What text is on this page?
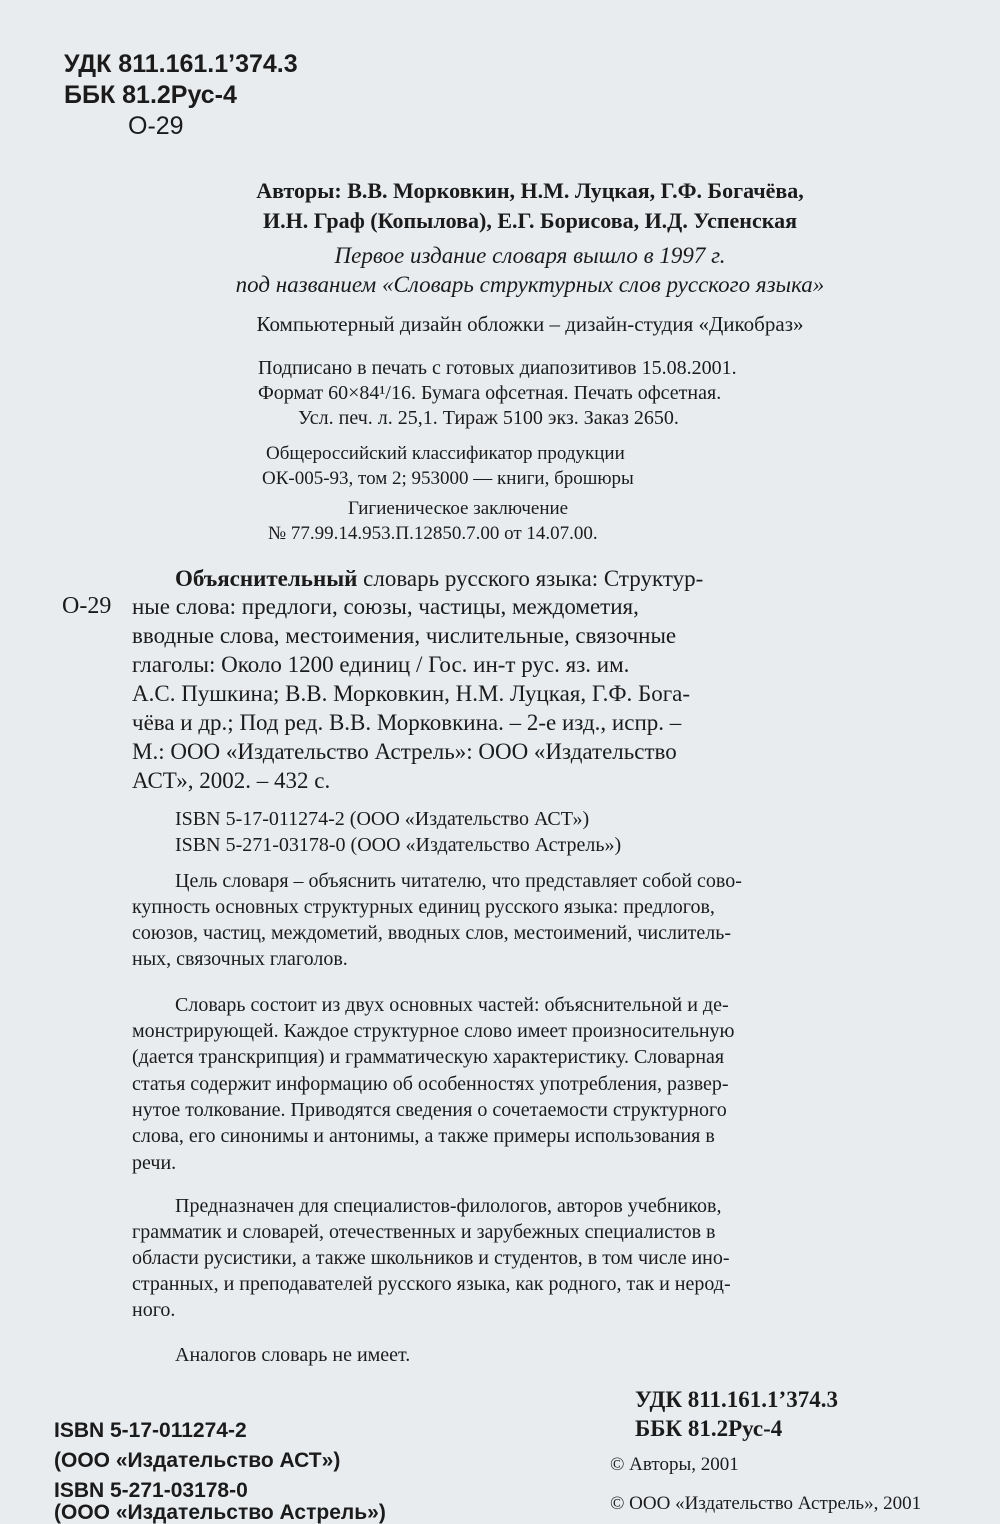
УДК 811.161.1’374.3
ББК 81.2Рус-4
О-29
Авторы: В.В. Морковкин, Н.М. Луцкая, Г.Ф. Богачёва,
И.Н. Граф (Копылова), Е.Г. Борисова, И.Д. Успенская
Первое издание словаря вышло в 1997 г.
под названием «Словарь структурных слов русского языка»
Компьютерный дизайн обложки – дизайн-студия «Дикобраз»
Подписано в печать с готовых диапозитивов 15.08.2001.
Формат 60×84¹/16. Бумага офсетная. Печать офсетная.
Усл. печ. л. 25,1. Тираж 5100 экз. Заказ 2650.
Общероссийский классификатор продукции
ОК-005-93, том 2; 953000 — книги, брошюры
Гигиеническое заключение
№ 77.99.14.953.П.12850.7.00 от 14.07.00.
О-29
Объяснительный словарь русского языка: Структур-
ные слова: предлоги, союзы, частицы, междометия,
вводные слова, местоимения, числительные, связочные
глаголы: Около 1200 единиц / Гос. ин-т рус. яз. им.
А.С. Пушкина; В.В. Морковкин, Н.М. Луцкая, Г.Ф. Бога-
чёва и др.; Под ред. В.В. Морковкина. – 2-е изд., испр. –
М.: ООО «Издательство Астрель»: ООО «Издательство
АСТ», 2002. – 432 с.
ISBN 5-17-011274-2 (ООО «Издательство АСТ»)
ISBN 5-271-03178-0 (ООО «Издательство Астрель»)
Цель словаря – объяснить читателю, что представляет собой сово-
купность основных структурных единиц русского языка: предлогов,
союзов, частиц, междометий, вводных слов, местоимений, числитель-
ных, связочных глаголов.
Словарь состоит из двух основных частей: объяснительной и де-
монстрирующей. Каждое структурное слово имеет произносительную
(дается транскрипция) и грамматическую характеристику. Словарная
статья содержит информацию об особенностях употребления, развер-
нутое толкование. Приводятся сведения о сочетаемости структурного
слова, его синонимы и антонимы, а также примеры использования в
речи.
Предназначен для специалистов-филологов, авторов учебников,
грамматик и словарей, отечественных и зарубежных специалистов в
области русистики, а также школьников и студентов, в том числе ино-
странных, и преподавателей русского языка, как родного, так и нерод-
ного.
Аналогов словарь не имеет.
УДК 811.161.1’374.3
ББК 81.2Рус-4
ISBN 5-17-011274-2
(ООО «Издательство АСТ»)
ISBN 5-271-03178-0
(ООО «Издательство Астрель»)
© Авторы, 2001
© ООО «Издательство Астрель», 2001
